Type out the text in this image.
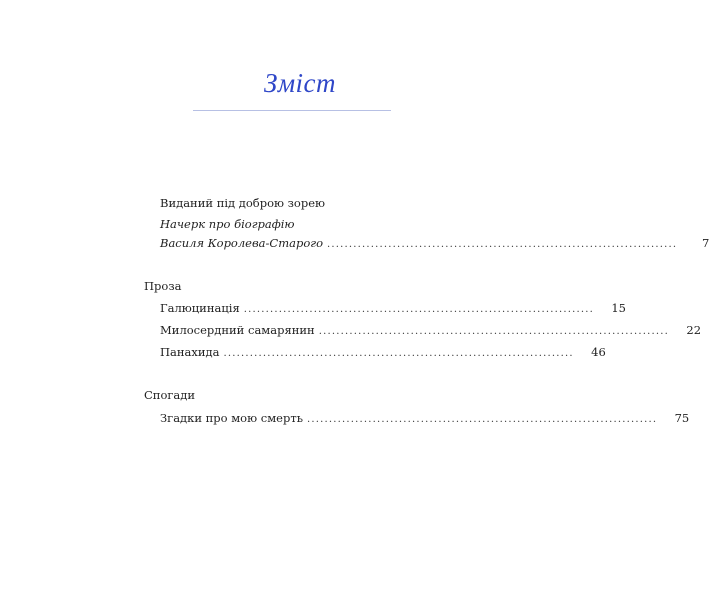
Зміст
Виданий під доброю зорею
Начерк про біографію
Василя Королева-Старого ................................................................................	7
Проза
Галюцинація ................................................................................	15
Милосердний самарянин ................................................................................	22
Панахида ................................................................................	46
Спогади
Згадки про мою смерть ................................................................................	75
